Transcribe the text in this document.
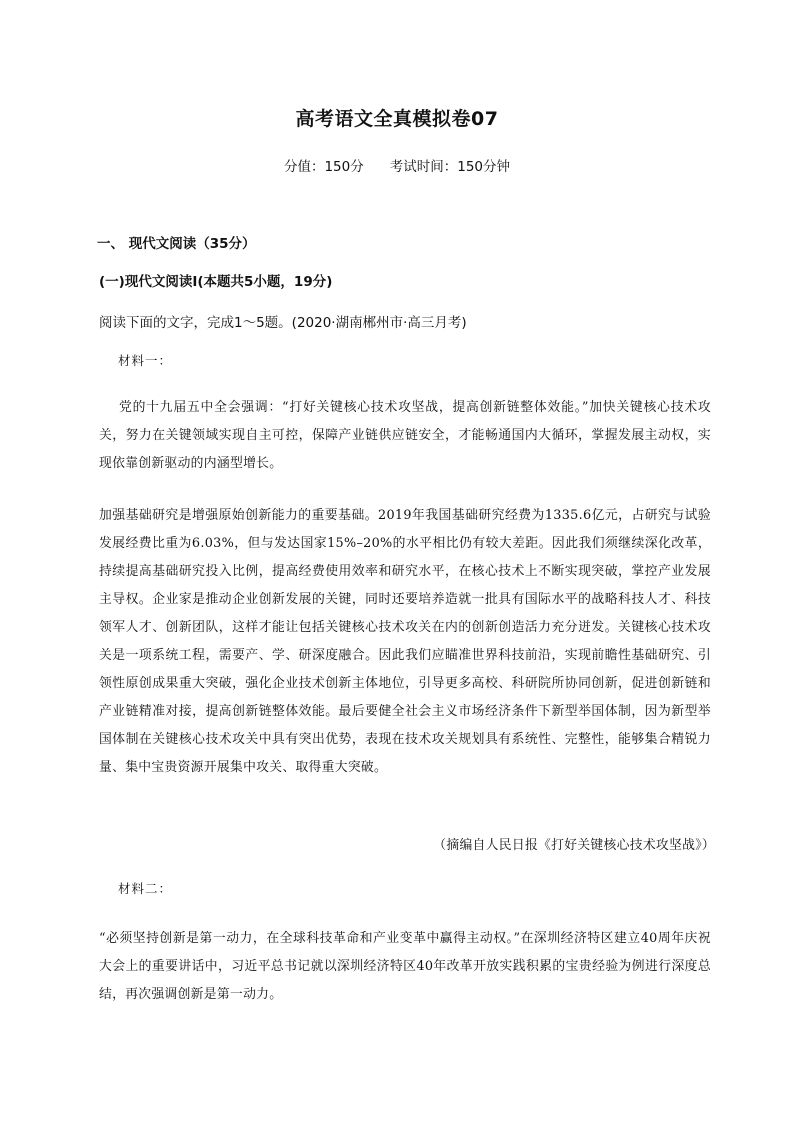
高考语文全真模拟卷07
分值：150分 考试时间：150分钟
一、 现代文阅读（35分）
(一)现代文阅读Ⅰ(本题共5小题，19分)
阅读下面的文字，完成1～5题。(2020·湖南郴州市·高三月考)
材料一：
党的十九届五中全会强调：“打好关键核心技术攻坚战，提高创新链整体效能。”加快关键核心技术攻关，努力在关键领域实现自主可控，保障产业链供应链安全，才能畅通国内大循环，掌握发展主动权，实现依靠创新驱动的内涵型增长。
加强基础研究是增强原始创新能力的重要基础。2019年我国基础研究经费为1335.6亿元，占研究与试验发展经费比重为6.03%，但与发达国家15%–20%的水平相比仍有较大差距。因此我们须继续深化改革，持续提高基础研究投入比例，提高经费使用效率和研究水平，在核心技术上不断实现突破，掌控产业发展主导权。企业家是推动企业创新发展的关键，同时还要培养造就一批具有国际水平的战略科技人才、科技领军人才、创新团队，这样才能让包括关键核心技术攻关在内的创新创造活力充分迸发。关键核心技术攻关是一项系统工程，需要产、学、研深度融合。因此我们应瞄准世界科技前沿，实现前瞻性基础研究、引领性原创成果重大突破，强化企业技术创新主体地位，引导更多高校、科研院所协同创新，促进创新链和产业链精准对接，提高创新链整体效能。最后要健全社会主义市场经济条件下新型举国体制，因为新型举国体制在关键核心技术攻关中具有突出优势，表现在技术攻关规划具有系统性、完整性，能够集合精锐力量、集中宝贵资源开展集中攻关、取得重大突破。
（摘编自人民日报《打好关键核心技术攻坚战》）
材料二：
“必须坚持创新是第一动力，在全球科技革命和产业变革中赢得主动权。”在深圳经济特区建立40周年庆祝大会上的重要讲话中，习近平总书记就以深圳经济特区40年改革开放实践积累的宝贵经验为例进行深度总结，再次强调创新是第一动力。
